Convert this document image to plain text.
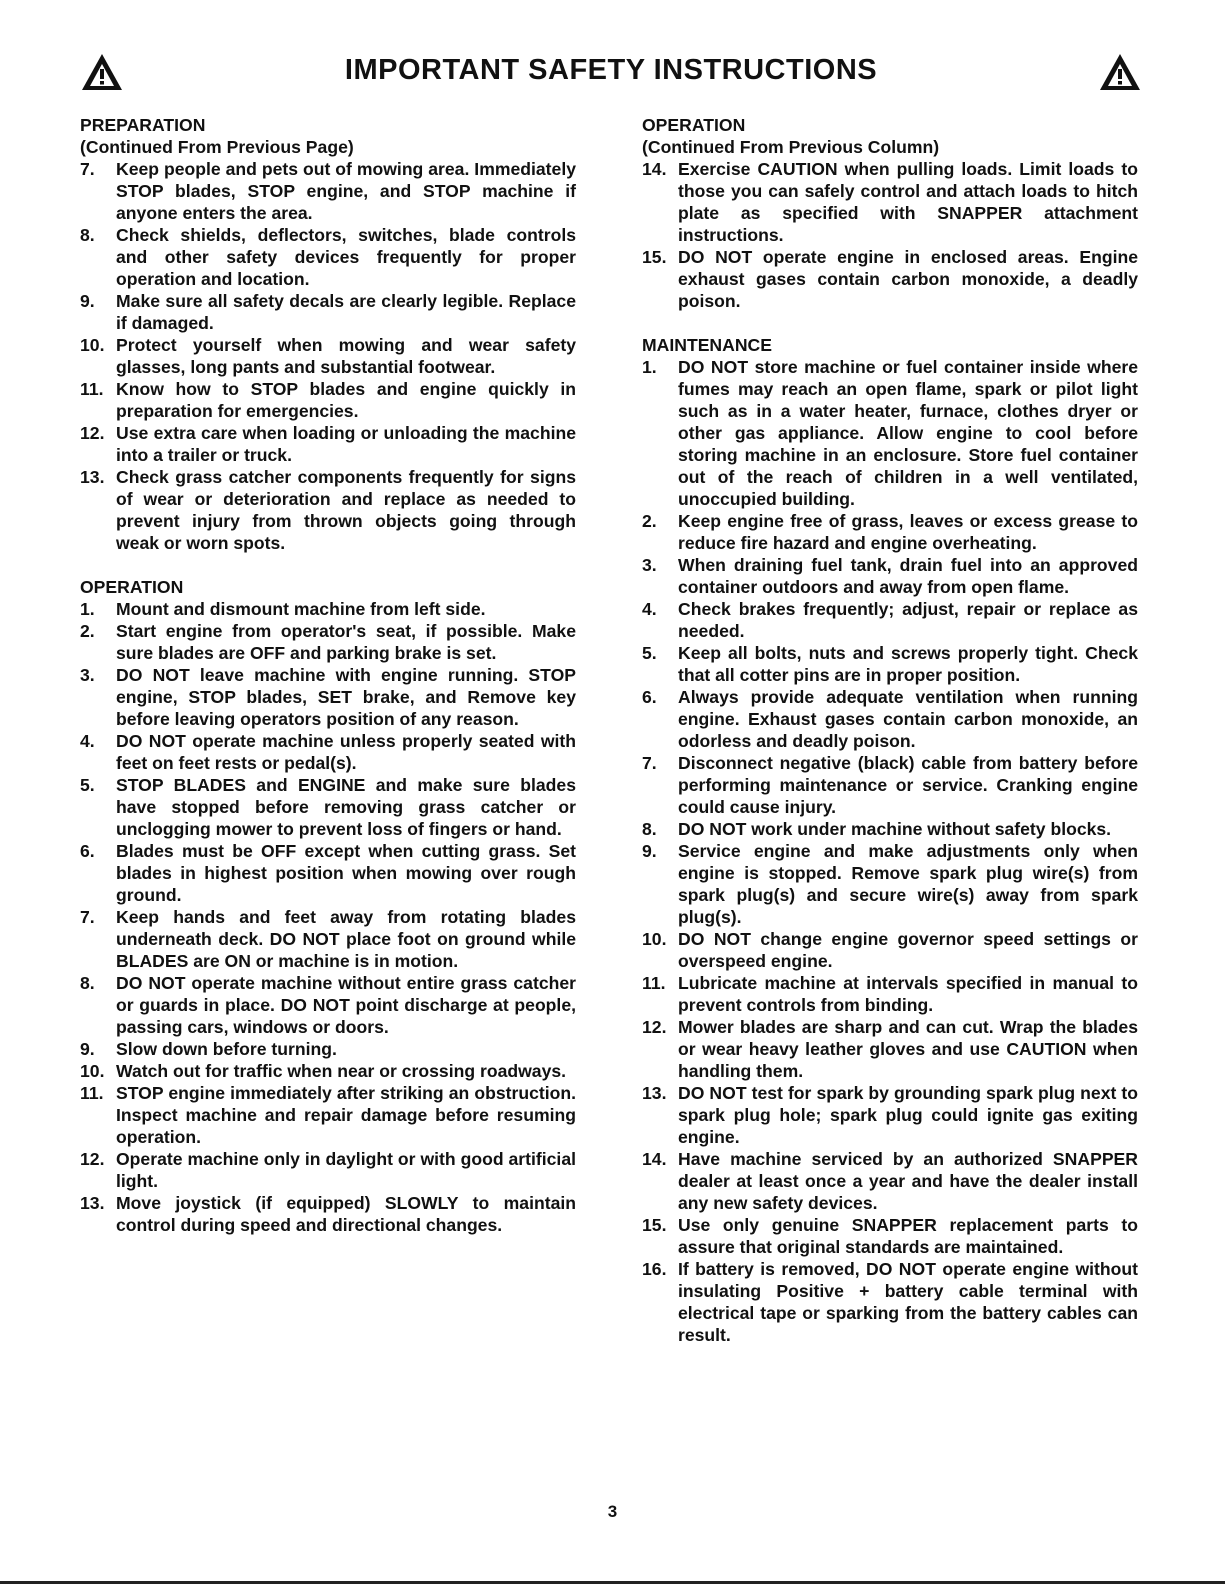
IMPORTANT SAFETY INSTRUCTIONS
PREPARATION
(Continued From Previous Page)
7.	Keep people and pets out of mowing area. Immediately STOP blades, STOP engine, and STOP machine if anyone enters the area.
8.	Check shields, deflectors, switches, blade controls and other safety devices frequently for proper operation and location.
9.	Make sure all safety decals are clearly legible. Replace if damaged.
10. Protect yourself when mowing and wear safety glasses, long pants and substantial footwear.
11. Know how to STOP blades and engine quickly in preparation for emergencies.
12. Use extra care when loading or unloading the machine into a trailer or truck.
13. Check grass catcher components frequently for signs of wear or deterioration and replace as needed to prevent injury from thrown objects going through weak or worn spots.
OPERATION
1.	Mount and dismount machine from left side.
2.	Start engine from operator's seat, if possible. Make sure blades are OFF and parking brake is set.
3.	DO NOT leave machine with engine running. STOP engine, STOP blades, SET brake, and Remove key before leaving operators position of any reason.
4.	DO NOT operate machine unless properly seated with feet on feet rests or pedal(s).
5.	STOP BLADES and ENGINE and make sure blades have stopped before removing grass catcher or unclogging mower to prevent loss of fingers or hand.
6.	Blades must be OFF except when cutting grass. Set blades in highest position when mowing over rough ground.
7.	Keep hands and feet away from rotating blades underneath deck. DO NOT place foot on ground while BLADES are ON or machine is in motion.
8.	DO NOT operate machine without entire grass catcher or guards in place. DO NOT point discharge at people, passing cars, windows or doors.
9.	Slow down before turning.
10. Watch out for traffic when near or crossing roadways.
11. STOP engine immediately after striking an obstruction. Inspect machine and repair damage before resuming operation.
12. Operate machine only in daylight or with good artificial light.
13. Move joystick (if equipped) SLOWLY to maintain control during speed and directional changes.
OPERATION
(Continued From Previous Column)
14. Exercise CAUTION when pulling loads. Limit loads to those you can safely control and attach loads to hitch plate as specified with SNAPPER attachment instructions.
15. DO NOT operate engine in enclosed areas. Engine exhaust gases contain carbon monoxide, a deadly poison.
MAINTENANCE
1.	DO NOT store machine or fuel container inside where fumes may reach an open flame, spark or pilot light such as in a water heater, furnace, clothes dryer or other gas appliance. Allow engine to cool before storing machine in an enclosure. Store fuel container out of the reach of children in a well ventilated, unoccupied building.
2.	Keep engine free of grass, leaves or excess grease to reduce fire hazard and engine overheating.
3.	When draining fuel tank, drain fuel into an approved container outdoors and away from open flame.
4.	Check brakes frequently; adjust, repair or replace as needed.
5.	Keep all bolts, nuts and screws properly tight. Check that all cotter pins are in proper position.
6.	Always provide adequate ventilation when running engine. Exhaust gases contain carbon monoxide, an odorless and deadly poison.
7.	Disconnect negative (black) cable from battery before performing maintenance or service. Cranking engine could cause injury.
8.	DO NOT work under machine without safety blocks.
9.	Service engine and make adjustments only when engine is stopped. Remove spark plug wire(s) from spark plug(s) and secure wire(s) away from spark plug(s).
10. DO NOT change engine governor speed settings or overspeed engine.
11. Lubricate machine at intervals specified in manual to prevent controls from binding.
12. Mower blades are sharp and can cut. Wrap the blades or wear heavy leather gloves and use CAUTION when handling them.
13. DO NOT test for spark by grounding spark plug next to spark plug hole; spark plug could ignite gas exiting engine.
14. Have machine serviced by an authorized SNAPPER dealer at least once a year and have the dealer install any new safety devices.
15. Use only genuine SNAPPER replacement parts to assure that original standards are maintained.
16. If battery is removed, DO NOT operate engine without insulating Positive + battery cable terminal with electrical tape or sparking from the battery cables can result.
3
